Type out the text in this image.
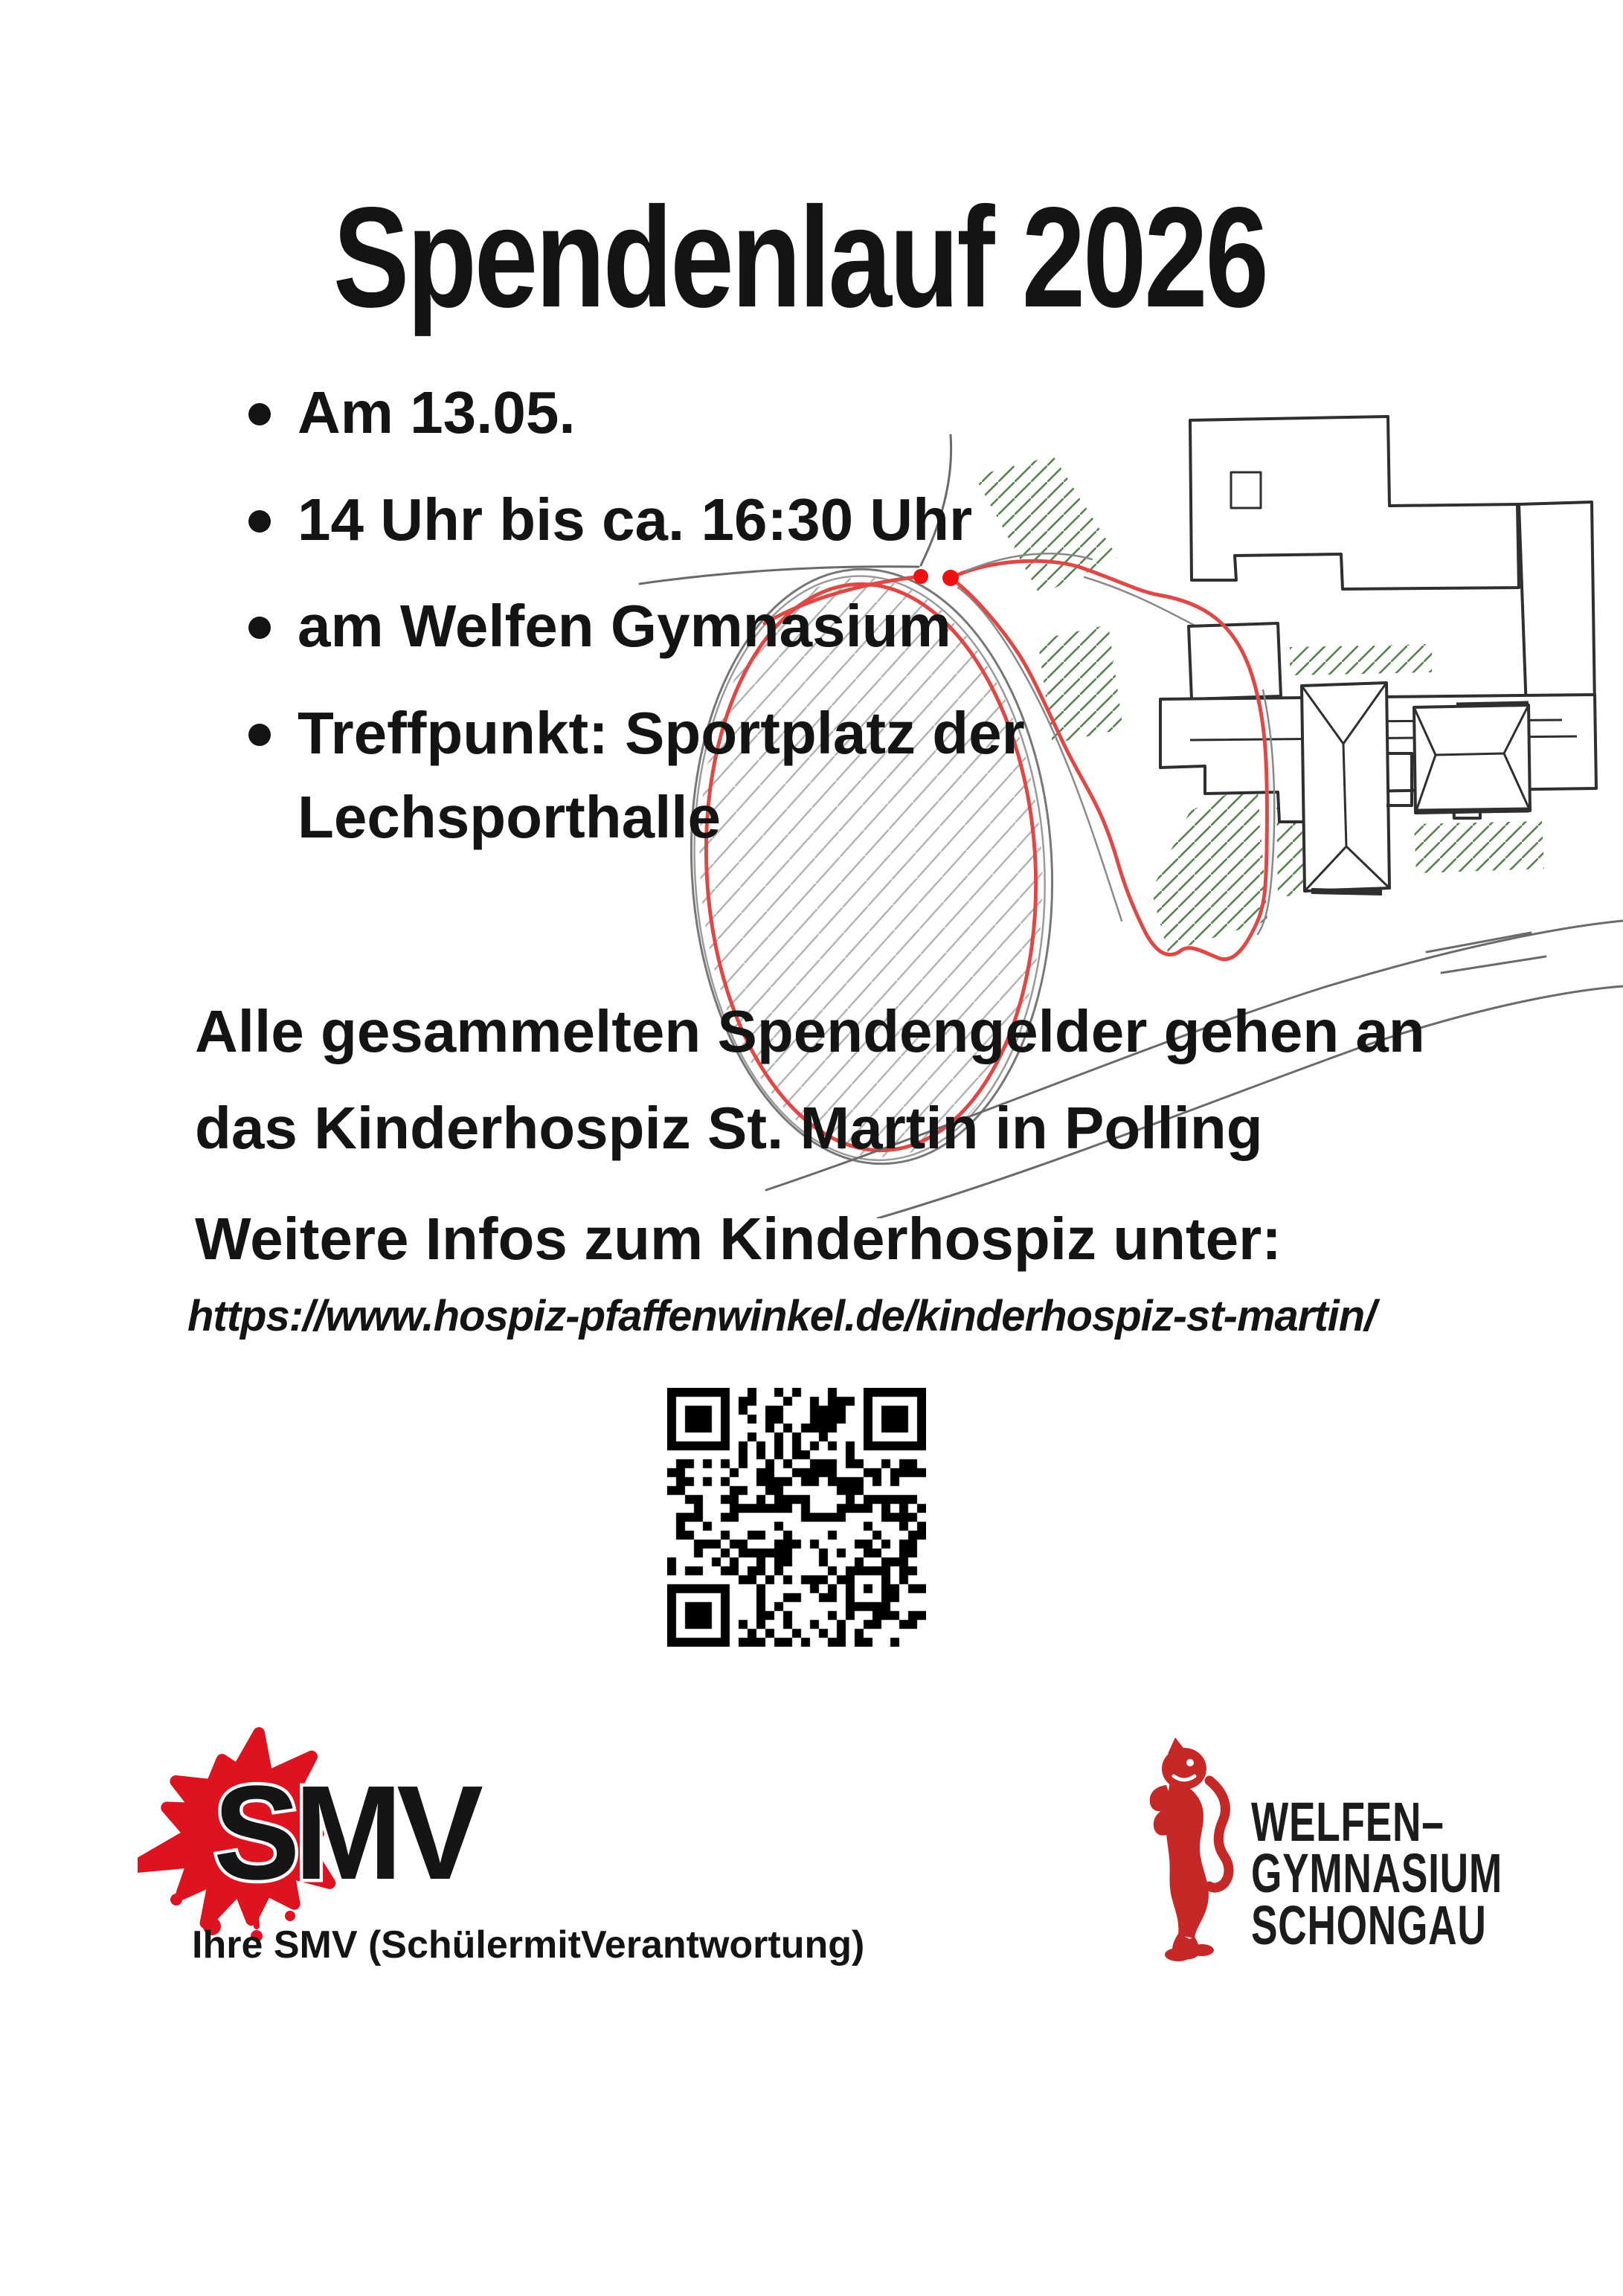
Spendenlauf 2026
Am 13.05.
14 Uhr bis ca. 16:30 Uhr
am Welfen Gymnasium
Treffpunkt: Sportplatz der Lechsporthalle
Alle gesammelten Spendengelder gehen an das Kinderhospiz St. Martin in Polling
Weitere Infos zum Kinderhospiz unter:
https://www.hospiz-pfaffenwinkel.de/kinderhospiz-st-martin/
SMV
Ihre SMV (SchülermitVerantwortung)
WELFEN–
GYMNASIUM
SCHONGAU
